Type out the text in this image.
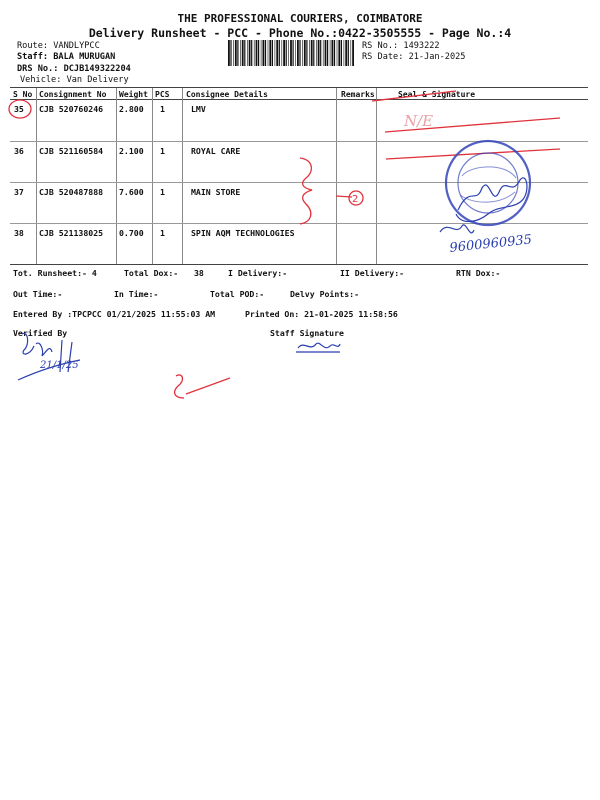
THE PROFESSIONAL COURIERS, COIMBATORE
Delivery Runsheet - PCC - Phone No.:0422-3505555 - Page No.:4
Route: VANDLYPCC
Staff: BALA MURUGAN
DRS No.: DCJB149322204
Vehicle: Van Delivery
RS No.: 1493222
RS Date: 21-Jan-2025
S No Consignment No Weight PCS Consignee Details	Remarks	Seal & Signature
35 CJB 520760246 2.800 1	LMV
36 CJB 521160584 2.100 1	ROYAL CARE
37 CJB 520487888 7.600 1	MAIN STORE
38 CJB 521138025 0.700 1	SPIN AQM TECHNOLOGIES
Tot. Runsheet:- 4	Total Dox:- 38	I Delivery:-	II Delivery:-	RTN Dox:-
Out Time:-	In Time:-	Total POD:-	Delvy Points:-
Entered By :TPCPCC 01/21/2025 11:55:03 AM	Printed On: 21-01-2025 11:58:56
Verified By	Staff Signature
N/E
2
9600960935
21/1/25
